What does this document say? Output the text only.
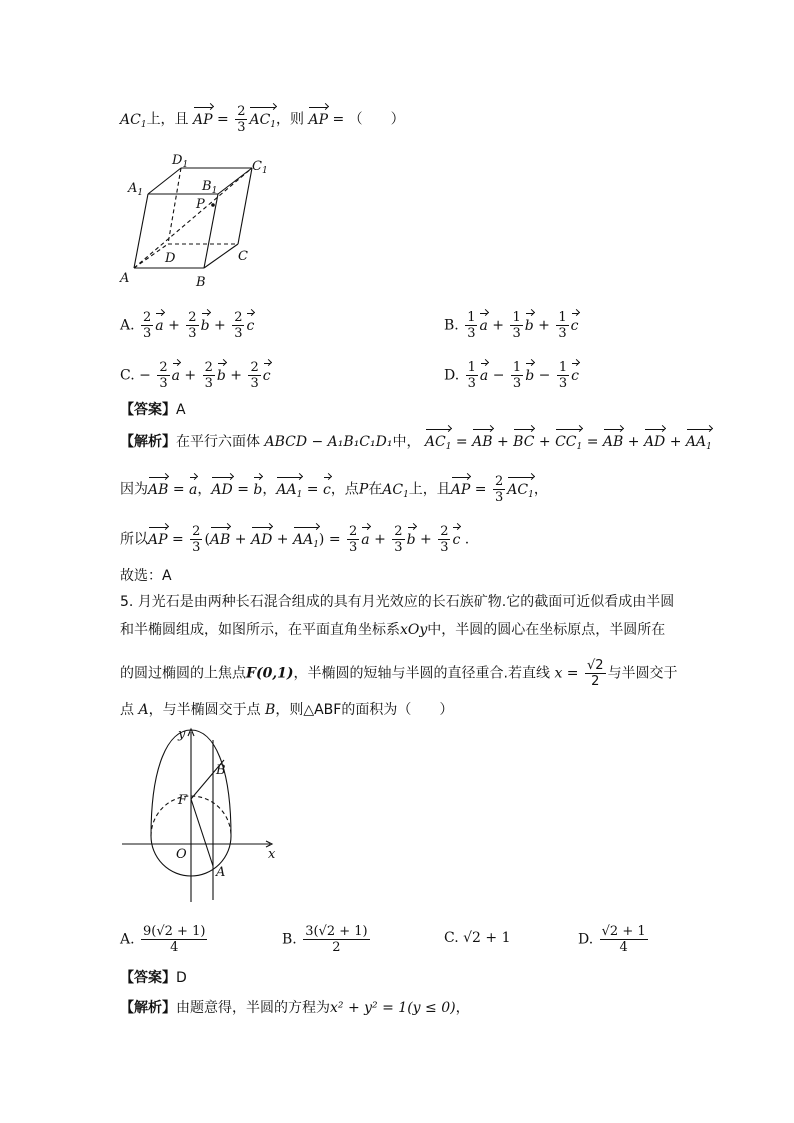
$AC_1$上，且 AP = $\frac{2}{3} AC_1$，则 AP = （　　）
$D_1$	$C_1$
$A_1$	$B_1$
P
D	C
A	B
A. $\frac{2}{3}$ $a + \frac{2}{3}$ $b + \frac{2}{3}$ c	B. $\frac{1}{3}$ $a + \frac{1}{3}$ $b + \frac{1}{3}$ c
C. − $\frac{2}{3}$ $a + \frac{2}{3}$ $b + \frac{2}{3}$ c	D. $\frac{1}{3}$ $a - \frac{1}{3}$ $b - \frac{1}{3}$ c
【答案】A
【解析】在平行六面体 ABCD − A₁B₁C₁D₁中， $AC_1$ = AB + BC + $CC_1$ = AB + AD + $AA_1$
因为AB = a，AD = b，$AA_1 = c$，点P在$AC_1$上，且AP = $\frac{2}{3} AC_1$，
所以AP = $\frac{2}{3} (AB$ + AD + $AA_1) = \frac{2}{3}$ $a + \frac{2}{3}$ $b + \frac{2}{3}$ c .
故选：A
5. 月光石是由两种长石混合组成的具有月光效应的长石族矿物.它的截面可近似看成由半圆
和半椭圆组成，如图所示，在平面直角坐标系xOy中，半圆的圆心在坐标原点，半圆所在
的圆过椭圆的上焦点F(0,1)，半椭圆的短轴与半圆的直径重合.若直线 $x = \frac{√2}{2}$ 与半圆交于
点 A，与半椭圆交于点 B，则△ABF的面积为（　　）
y
B
F
O	x
A
A. $\frac{9(√2 + 1)}{4}$	B. $\frac{3(√2 + 1)}{2}$	C. √2 + 1	D. $\frac{√2 + 1}{4}$
【答案】D
【解析】由题意得，半圆的方程为x² + y² = 1(y ≤ 0)，
